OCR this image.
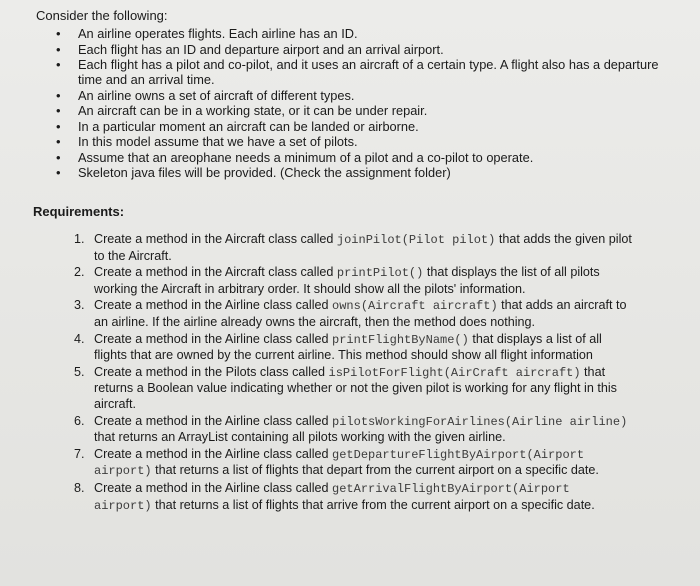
Consider the following:
• An airline operates flights. Each airline has an ID.
• Each flight has an ID and departure airport and an arrival airport.
• Each flight has a pilot and co-pilot, and it uses an aircraft of a certain type. A flight also has a departure time and an arrival time.
• An airline owns a set of aircraft of different types.
• An aircraft can be in a working state, or it can be under repair.
• In a particular moment an aircraft can be landed or airborne.
• In this model assume that we have a set of pilots.
• Assume that an areophane needs a minimum of a pilot and a co-pilot to operate.
• Skeleton java files will be provided. (Check the assignment folder)
Requirements:
1. Create a method in the Aircraft class called joinPilot(Pilot pilot) that adds the given pilot to the Aircraft.
2. Create a method in the Aircraft class called printPilot() that displays the list of all pilots working the Aircraft in arbitrary order. It should show all the pilots' information.
3. Create a method in the Airline class called owns(Aircraft aircraft) that adds an aircraft to an airline. If the airline already owns the aircraft, then the method does nothing.
4. Create a method in the Airline class called printFlightByName() that displays a list of all flights that are owned by the current airline. This method should show all flight information
5. Create a method in the Pilots class called isPilotForFlight(AirCraft aircraft) that returns a Boolean value indicating whether or not the given pilot is working for any flight in this aircraft.
6. Create a method in the Airline class called pilotsWorkingForAirlines(Airline airline) that returns an ArrayList containing all pilots working with the given airline.
7. Create a method in the Airline class called getDepartureFlightByAirport(Airport airport) that returns a list of flights that depart from the current airport on a specific date.
8. Create a method in the Airline class called getArrivalFlightByAirport(Airport airport) that returns a list of flights that arrive from the current airport on a specific date.
